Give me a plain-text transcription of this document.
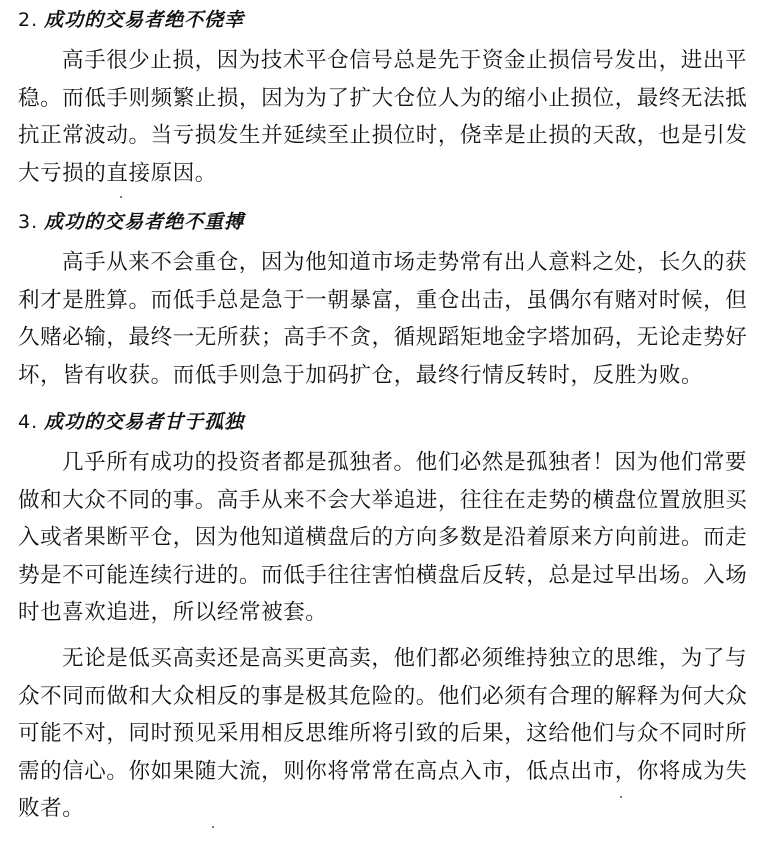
2. 成功的交易者绝不侥幸
高手很少止损，因为技术平仓信号总是先于资金止损信号发出，进出平
稳。而低手则频繁止损，因为为了扩大仓位人为的缩小止损位，最终无法抵
抗正常波动。当亏损发生并延续至止损位时，侥幸是止损的天敌，也是引发
大亏损的直接原因。
3. 成功的交易者绝不重搏
高手从来不会重仓，因为他知道市场走势常有出人意料之处，长久的获
利才是胜算。而低手总是急于一朝暴富，重仓出击，虽偶尔有赌对时候，但
久赌必输，最终一无所获；高手不贪，循规蹈矩地金字塔加码，无论走势好
坏，皆有收获。而低手则急于加码扩仓，最终行情反转时，反胜为败。
4. 成功的交易者甘于孤独
几乎所有成功的投资者都是孤独者。他们必然是孤独者！因为他们常要
做和大众不同的事。高手从来不会大举追进，往往在走势的横盘位置放胆买
入或者果断平仓，因为他知道横盘后的方向多数是沿着原来方向前进。而走
势是不可能连续行进的。而低手往往害怕横盘后反转，总是过早出场。入场
时也喜欢追进，所以经常被套。
无论是低买高卖还是高买更高卖，他们都必须维持独立的思维，为了与
众不同而做和大众相反的事是极其危险的。他们必须有合理的解释为何大众
可能不对，同时预见采用相反思维所将引致的后果，这给他们与众不同时所
需的信心。你如果随大流，则你将常常在高点入市，低点出市，你将成为失
败者。
